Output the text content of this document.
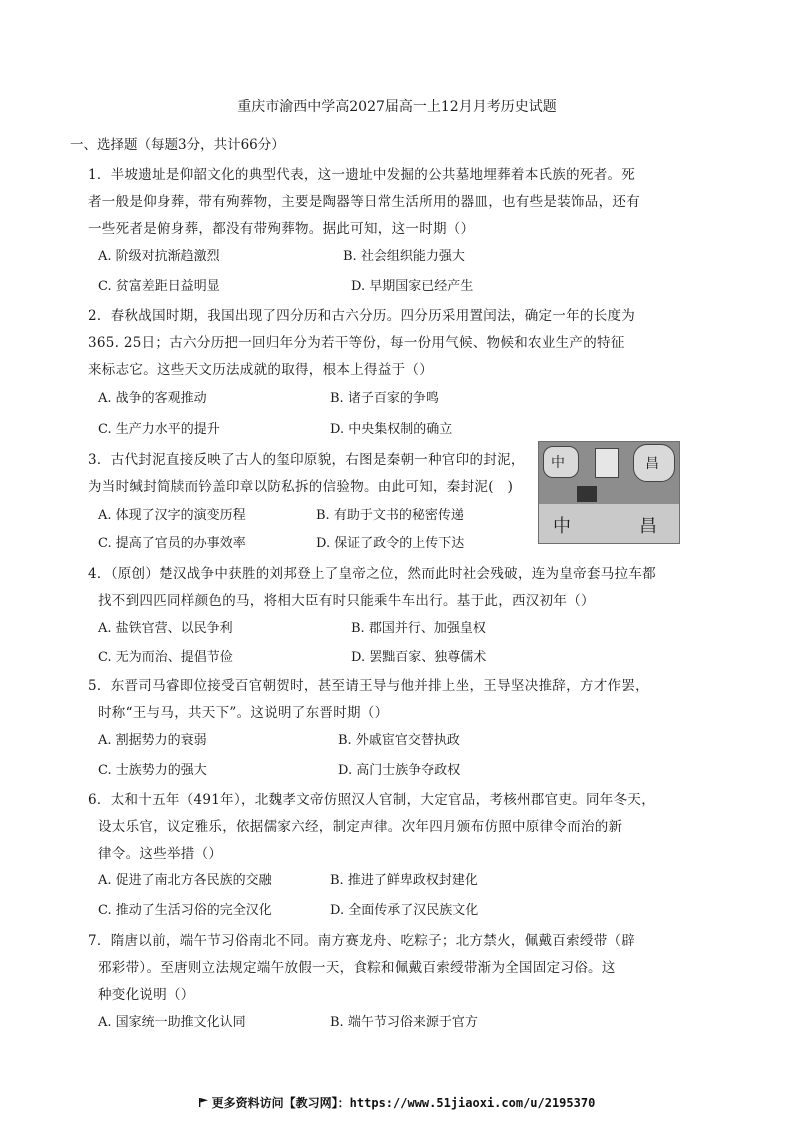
重庆市渝西中学高2027届高一上12月月考历史试题
一、选择题（每题3分，共计66分）
1．半坡遗址是仰韶文化的典型代表，这一遗址中发掘的公共墓地埋葬着本氏族的死者。死
者一般是仰身葬，带有殉葬物，主要是陶器等日常生活所用的器皿，也有些是装饰品，还有
一些死者是俯身葬，都没有带殉葬物。据此可知，这一时期（）
A. 阶级对抗渐趋激烈	B. 社会组织能力强大
C. 贫富差距日益明显	D. 早期国家已经产生
2．春秋战国时期，我国出现了四分历和古六分历。四分历采用置闰法，确定一年的长度为
365. 25日；古六分历把一回归年分为若干等份，每一份用气候、物候和农业生产的特征
来标志它。这些天文历法成就的取得，根本上得益于（）
A. 战争的客观推动	B. 诸子百家的争鸣
C. 生产力水平的提升	D. 中央集权制的确立
3．古代封泥直接反映了古人的玺印原貌，右图是秦朝一种官印的封泥，
为当时缄封简牍而钤盖印章以防私拆的信验物。由此可知，秦封泥(　)
A. 体现了汉字的演变历程	B. 有助于文书的秘密传递
C. 提高了官员的办事效率	D. 保证了政令的上传下达
中	昌
中	昌
4．（原创）楚汉战争中获胜的刘邦登上了皇帝之位，然而此时社会残破，连为皇帝套马拉车都
找不到四匹同样颜色的马，将相大臣有时只能乘牛车出行。基于此，西汉初年（）
A. 盐铁官营、以民争利	B. 郡国并行、加强皇权
C. 无为而治、提倡节俭	D. 罢黜百家、独尊儒术
5．东晋司马睿即位接受百官朝贺时，甚至请王导与他并排上坐，王导坚决推辞，方才作罢，
时称“王与马，共天下”。这说明了东晋时期（）
A. 割据势力的衰弱	B. 外戚宦官交替执政
C. 士族势力的强大	D. 高门士族争夺政权
6．太和十五年（491年），北魏孝文帝仿照汉人官制，大定官品，考核州郡官吏。同年冬天，
设太乐官，议定雅乐，依据儒家六经，制定声律。次年四月颁布仿照中原律令而治的新
律令。这些举措（）
A. 促进了南北方各民族的交融	B. 推进了鲜卑政权封建化
C. 推动了生活习俗的完全汉化	D. 全面传承了汉民族文化
7．隋唐以前，端午节习俗南北不同。南方赛龙舟、吃粽子；北方禁火，佩戴百索绶带（辟
邪彩带）。至唐则立法规定端午放假一天，食粽和佩戴百索绶带渐为全国固定习俗。这
种变化说明（）
A. 国家统一助推文化认同	B. 端午节习俗来源于官方
更多资料访问【教习网】：https://www.51jiaoxi.com/u/2195370
